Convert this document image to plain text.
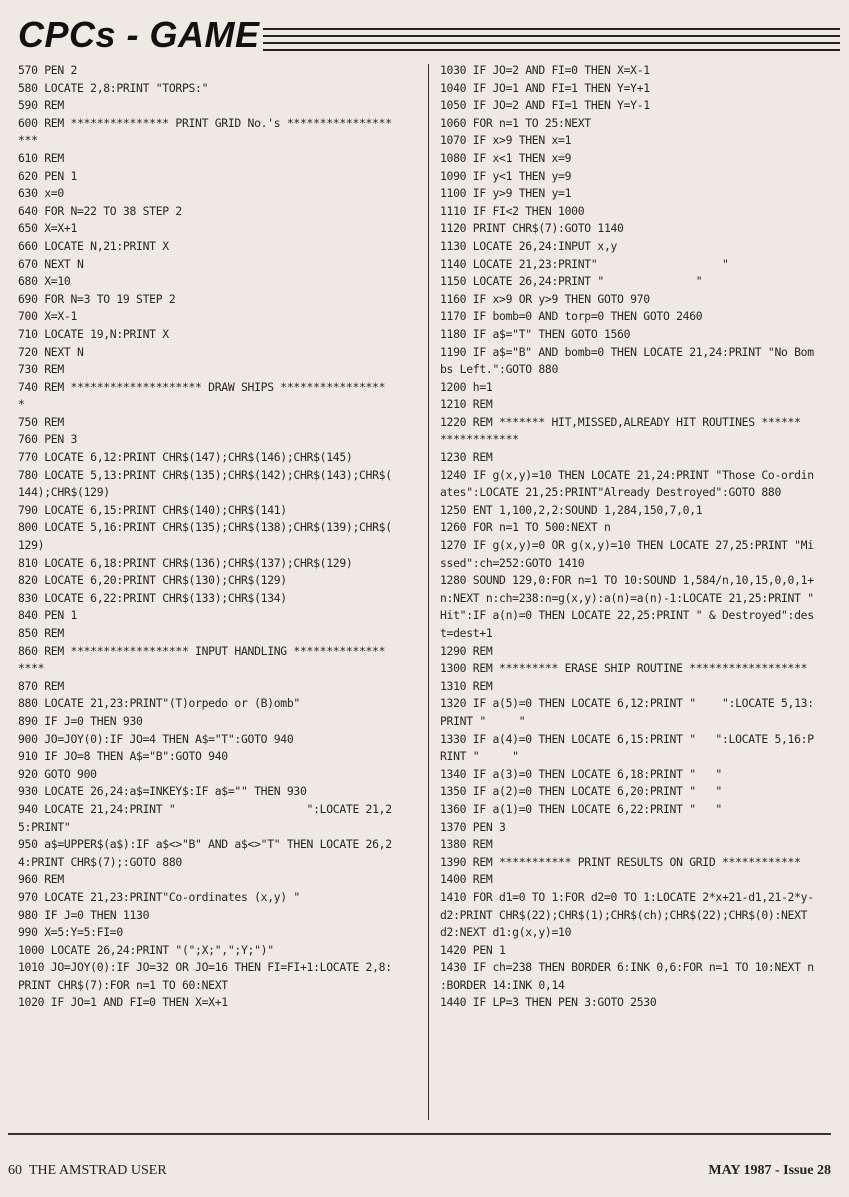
CPCs - GAME
570 PEN 2
580 LOCATE 2,8:PRINT "TORPS:"
590 REM
600 REM *************** PRINT GRID No.'s ****************
***
610 REM
620 PEN 1
630 x=0
640 FOR N=22 TO 38 STEP 2
650 X=X+1
660 LOCATE N,21:PRINT X
670 NEXT N
680 X=10
690 FOR N=3 TO 19 STEP 2
700 X=X-1
710 LOCATE 19,N:PRINT X
720 NEXT N
730 REM
740 REM ******************** DRAW SHIPS ****************
*
750 REM
760 PEN 3
770 LOCATE 6,12:PRINT CHR$(147);CHR$(146);CHR$(145)
780 LOCATE 5,13:PRINT CHR$(135);CHR$(142);CHR$(143);CHR$(
144);CHR$(129)
790 LOCATE 6,15:PRINT CHR$(140);CHR$(141)
800 LOCATE 5,16:PRINT CHR$(135);CHR$(138);CHR$(139);CHR$(
129)
810 LOCATE 6,18:PRINT CHR$(136);CHR$(137);CHR$(129)
820 LOCATE 6,20:PRINT CHR$(130);CHR$(129)
830 LOCATE 6,22:PRINT CHR$(133);CHR$(134)
840 PEN 1
850 REM
860 REM ****************** INPUT HANDLING **************
****
870 REM
880 LOCATE 21,23:PRINT"(T)orpedo or (B)omb"
890 IF J=0 THEN 930
900 JO=JOY(0):IF JO=4 THEN A$="T":GOTO 940
910 IF JO=8 THEN A$="B":GOTO 940
920 GOTO 900
930 LOCATE 26,24:a$=INKEY$:IF a$="" THEN 930
940 LOCATE 21,24:PRINT "                    ":LOCATE 21,2
5:PRINT"
950 a$=UPPER$(a$):IF a$<>"B" AND a$<>"T" THEN LOCATE 26,2
4:PRINT CHR$(7);:GOTO 880
960 REM
970 LOCATE 21,23:PRINT"Co-ordinates (x,y) "
980 IF J=0 THEN 1130
990 X=5:Y=5:FI=0
1000 LOCATE 26,24:PRINT "(";X;",";Y;")"
1010 JO=JOY(0):IF JO=32 OR JO=16 THEN FI=FI+1:LOCATE 2,8:
PRINT CHR$(7):FOR n=1 TO 60:NEXT
1020 IF JO=1 AND FI=0 THEN X=X+1
1030 IF JO=2 AND FI=0 THEN X=X-1
1040 IF JO=1 AND FI=1 THEN Y=Y+1
1050 IF JO=2 AND FI=1 THEN Y=Y-1
1060 FOR n=1 TO 25:NEXT
1070 IF x>9 THEN x=1
1080 IF x<1 THEN x=9
1090 IF y<1 THEN y=9
1100 IF y>9 THEN y=1
1110 IF FI<2 THEN 1000
1120 PRINT CHR$(7):GOTO 1140
1130 LOCATE 26,24:INPUT x,y
1140 LOCATE 21,23:PRINT"                   "
1150 LOCATE 26,24:PRINT "              "
1160 IF x>9 OR y>9 THEN GOTO 970
1170 IF bomb=0 AND torp=0 THEN GOTO 2460
1180 IF a$="T" THEN GOTO 1560
1190 IF a$="B" AND bomb=0 THEN LOCATE 21,24:PRINT "No Bom
bs Left.":GOTO 880
1200 h=1
1210 REM
1220 REM ******* HIT,MISSED,ALREADY HIT ROUTINES ******
************
1230 REM
1240 IF g(x,y)=10 THEN LOCATE 21,24:PRINT "Those Co-ordin
ates":LOCATE 21,25:PRINT"Already Destroyed":GOTO 880
1250 ENT 1,100,2,2:SOUND 1,284,150,7,0,1
1260 FOR n=1 TO 500:NEXT n
1270 IF g(x,y)=0 OR g(x,y)=10 THEN LOCATE 27,25:PRINT "Mi
ssed":ch=252:GOTO 1410
1280 SOUND 129,0:FOR n=1 TO 10:SOUND 1,584/n,10,15,0,0,1+
n:NEXT n:ch=238:n=g(x,y):a(n)=a(n)-1:LOCATE 21,25:PRINT "
Hit":IF a(n)=0 THEN LOCATE 22,25:PRINT " & Destroyed":des
t=dest+1
1290 REM
1300 REM ********* ERASE SHIP ROUTINE ******************
1310 REM
1320 IF a(5)=0 THEN LOCATE 6,12:PRINT "    ":LOCATE 5,13:
PRINT "     "
1330 IF a(4)=0 THEN LOCATE 6,15:PRINT "   ":LOCATE 5,16:P
RINT "     "
1340 IF a(3)=0 THEN LOCATE 6,18:PRINT "   "
1350 IF a(2)=0 THEN LOCATE 6,20:PRINT "   "
1360 IF a(1)=0 THEN LOCATE 6,22:PRINT "   "
1370 PEN 3
1380 REM
1390 REM *********** PRINT RESULTS ON GRID ************
1400 REM
1410 FOR d1=0 TO 1:FOR d2=0 TO 1:LOCATE 2*x+21-d1,21-2*y-
d2:PRINT CHR$(22);CHR$(1);CHR$(ch);CHR$(22);CHR$(0):NEXT
d2:NEXT d1:g(x,y)=10
1420 PEN 1
1430 IF ch=238 THEN BORDER 6:INK 0,6:FOR n=1 TO 10:NEXT n
:BORDER 14:INK 0,14
1440 IF LP=3 THEN PEN 3:GOTO 2530
60 THE AMSTRAD USER	MAY 1987 - Issue 28
